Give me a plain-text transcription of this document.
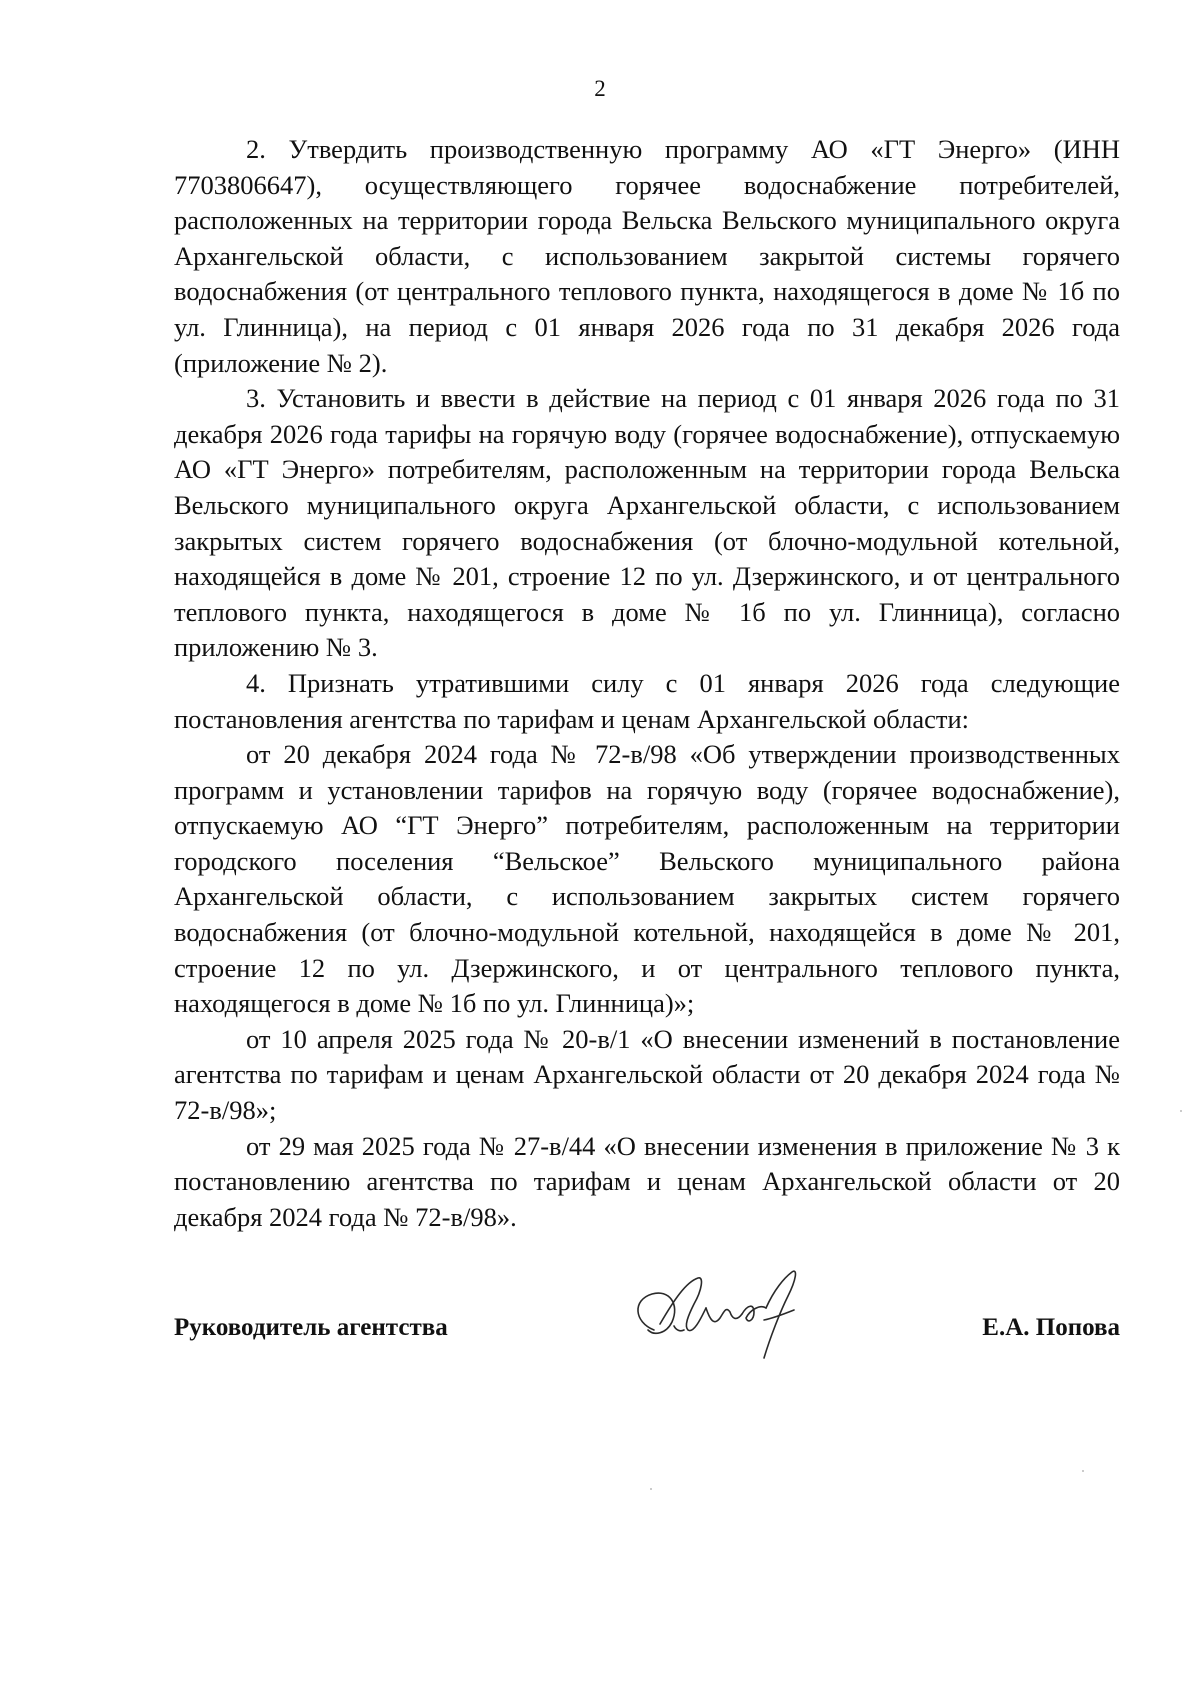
2

2. Утвердить производственную программу АО «ГТ Энерго» (ИНН 7703806647), осуществляющего горячее водоснабжение потребителей, расположенных на территории города Вельска Вельского муниципального округа Архангельской области, с использованием закрытой системы горячего водоснабжения (от центрального теплового пункта, находящегося в доме № 1б по ул. Глинница), на период с 01 января 2026 года по 31 декабря 2026 года (приложение № 2).

3. Установить и ввести в действие на период с 01 января 2026 года по 31 декабря 2026 года тарифы на горячую воду (горячее водоснабжение), отпускаемую АО «ГТ Энерго» потребителям, расположенным на территории города Вельска Вельского муниципального округа Архангельской области, с использованием закрытых систем горячего водоснабжения (от блочно-модульной котельной, находящейся в доме № 201, строение 12 по ул. Дзержинского, и от центрального теплового пункта, находящегося в доме № 1б по ул. Глинница), согласно приложению № 3.

4. Признать утратившими силу с 01 января 2026 года следующие постановления агентства по тарифам и ценам Архангельской области:

от 20 декабря 2024 года № 72-в/98 «Об утверждении производственных программ и установлении тарифов на горячую воду (горячее водоснабжение), отпускаемую АО “ГТ Энерго” потребителям, расположенным на территории городского поселения “Вельское” Вельского муниципального района Архангельской области, с использованием закрытых систем горячего водоснабжения (от блочно-модульной котельной, находящейся в доме № 201, строение 12 по ул. Дзержинского, и от центрального теплового пункта, находящегося в доме № 1б по ул. Глинница)»;

от 10 апреля 2025 года № 20-в/1 «О внесении изменений в постановление агентства по тарифам и ценам Архангельской области от 20 декабря 2024 года № 72-в/98»;

от 29 мая 2025 года № 27-в/44 «О внесении изменения в приложение № 3 к постановлению агентства по тарифам и ценам Архангельской области от 20 декабря 2024 года № 72-в/98».

Руководитель агентства	Е.А. Попова
